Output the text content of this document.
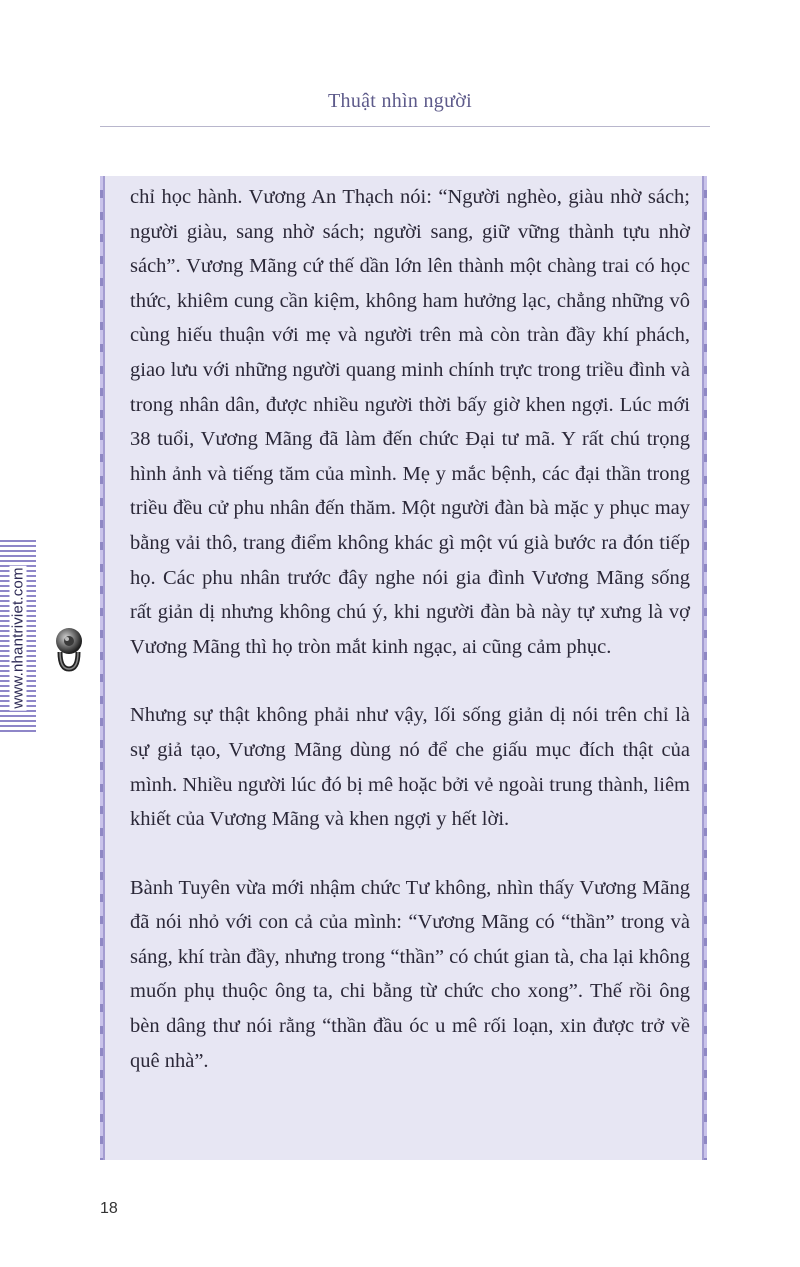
Thuật nhìn người

chỉ học hành. Vương An Thạch nói: “Người nghèo, giàu nhờ sách; người giàu, sang nhờ sách; người sang, giữ vững thành tựu nhờ sách”. Vương Mãng cứ thế dần lớn lên thành một chàng trai có học thức, khiêm cung cần kiệm, không ham hưởng lạc, chẳng những vô cùng hiếu thuận với mẹ và người trên mà còn tràn đầy khí phách, giao lưu với những người quang minh chính trực trong triều đình và trong nhân dân, được nhiều người thời bấy giờ khen ngợi. Lúc mới 38 tuổi, Vương Mãng đã làm đến chức Đại tư mã. Y rất chú trọng hình ảnh và tiếng tăm của mình. Mẹ y mắc bệnh, các đại thần trong triều đều cử phu nhân đến thăm. Một người đàn bà mặc y phục may bằng vải thô, trang điểm không khác gì một vú già bước ra đón tiếp họ. Các phu nhân trước đây nghe nói gia đình Vương Mãng sống rất giản dị nhưng không chú ý, khi người đàn bà này tự xưng là vợ Vương Mãng thì họ tròn mắt kinh ngạc, ai cũng cảm phục.

Nhưng sự thật không phải như vậy, lối sống giản dị nói trên chỉ là sự giả tạo, Vương Mãng dùng nó để che giấu mục đích thật của mình. Nhiều người lúc đó bị mê hoặc bởi vẻ ngoài trung thành, liêm khiết của Vương Mãng và khen ngợi y hết lời.

Bành Tuyên vừa mới nhậm chức Tư không, nhìn thấy Vương Mãng đã nói nhỏ với con cả của mình: “Vương Mãng có “thần” trong và sáng, khí tràn đầy, nhưng trong “thần” có chút gian tà, cha lại không muốn phụ thuộc ông ta, chi bằng từ chức cho xong”. Thế rồi ông bèn dâng thư nói rằng “thần đầu óc u mê rối loạn, xin được trở về quê nhà”.

www.nhantriviet.com
18
